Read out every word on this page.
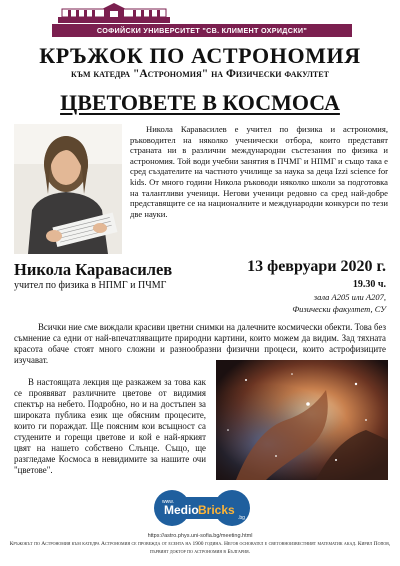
СОФИЙСКИ УНИВЕРСИТЕТ "СВ. КЛИМЕНТ ОХРИДСКИ"
КРЪЖОК ПО АСТРОНОМИЯ
към катедра "Астрономия" на Физически факултет
ЦВЕТОВЕТЕ В КОСМОСА

Никола Каравасилев е учител по физика и астрономия, ръководител на няколко ученически отбора, които представят страната ни в различни международни състезания по физика и астрономия. Той води учебни занятия в ПЧМГ и НПМГ и също така е сред създателите на частното училище за наука за деца Izzi science for kids. От много години Никола ръководи няколко школи за подготовка на талантливи ученици. Негови ученици редовно са сред най-добре представящите се на националните и международни конкурси по тези две науки.

Никола Каравасилев
учител по физика в НПМГ и ПЧМГ
13 февруари 2020 г.
19.30 ч.
зала А205 или А207,
Физически факултет, СУ

Всички ние сме виждали красиви цветни снимки на далечните космически обекти. Това без съмнение са едни от най-впечатляващите природни картини, които можем да видим. Зад тяхната красота обаче стоят много сложни и разнообразни физични процеси, които астрофизиците изучават.

В настоящата лекция ще разкажем за това как се проявяват различните цветове от видимия спектър на небето. Подробно, но и на достъпен за широката публика език ще обясним процесите, които ги пораждат. Ще поясним кои всъщност са студените и горещи цветове и кой е най-яркият цвят на нашето собствено Слънце. Също, ще разгледаме Космоса в невидимите за нашите очи "цветове".

www.
Medio Bricks
.bg
https://astro.phys.uni-sofia.bg/meeting.html
Кръжокът по Астрономия към катедра Астрономия се провежда от есента на 1900 година. Негов основател е световноизвестният математик акад. Кирил Попов, първият доктор по астрономия в България.
